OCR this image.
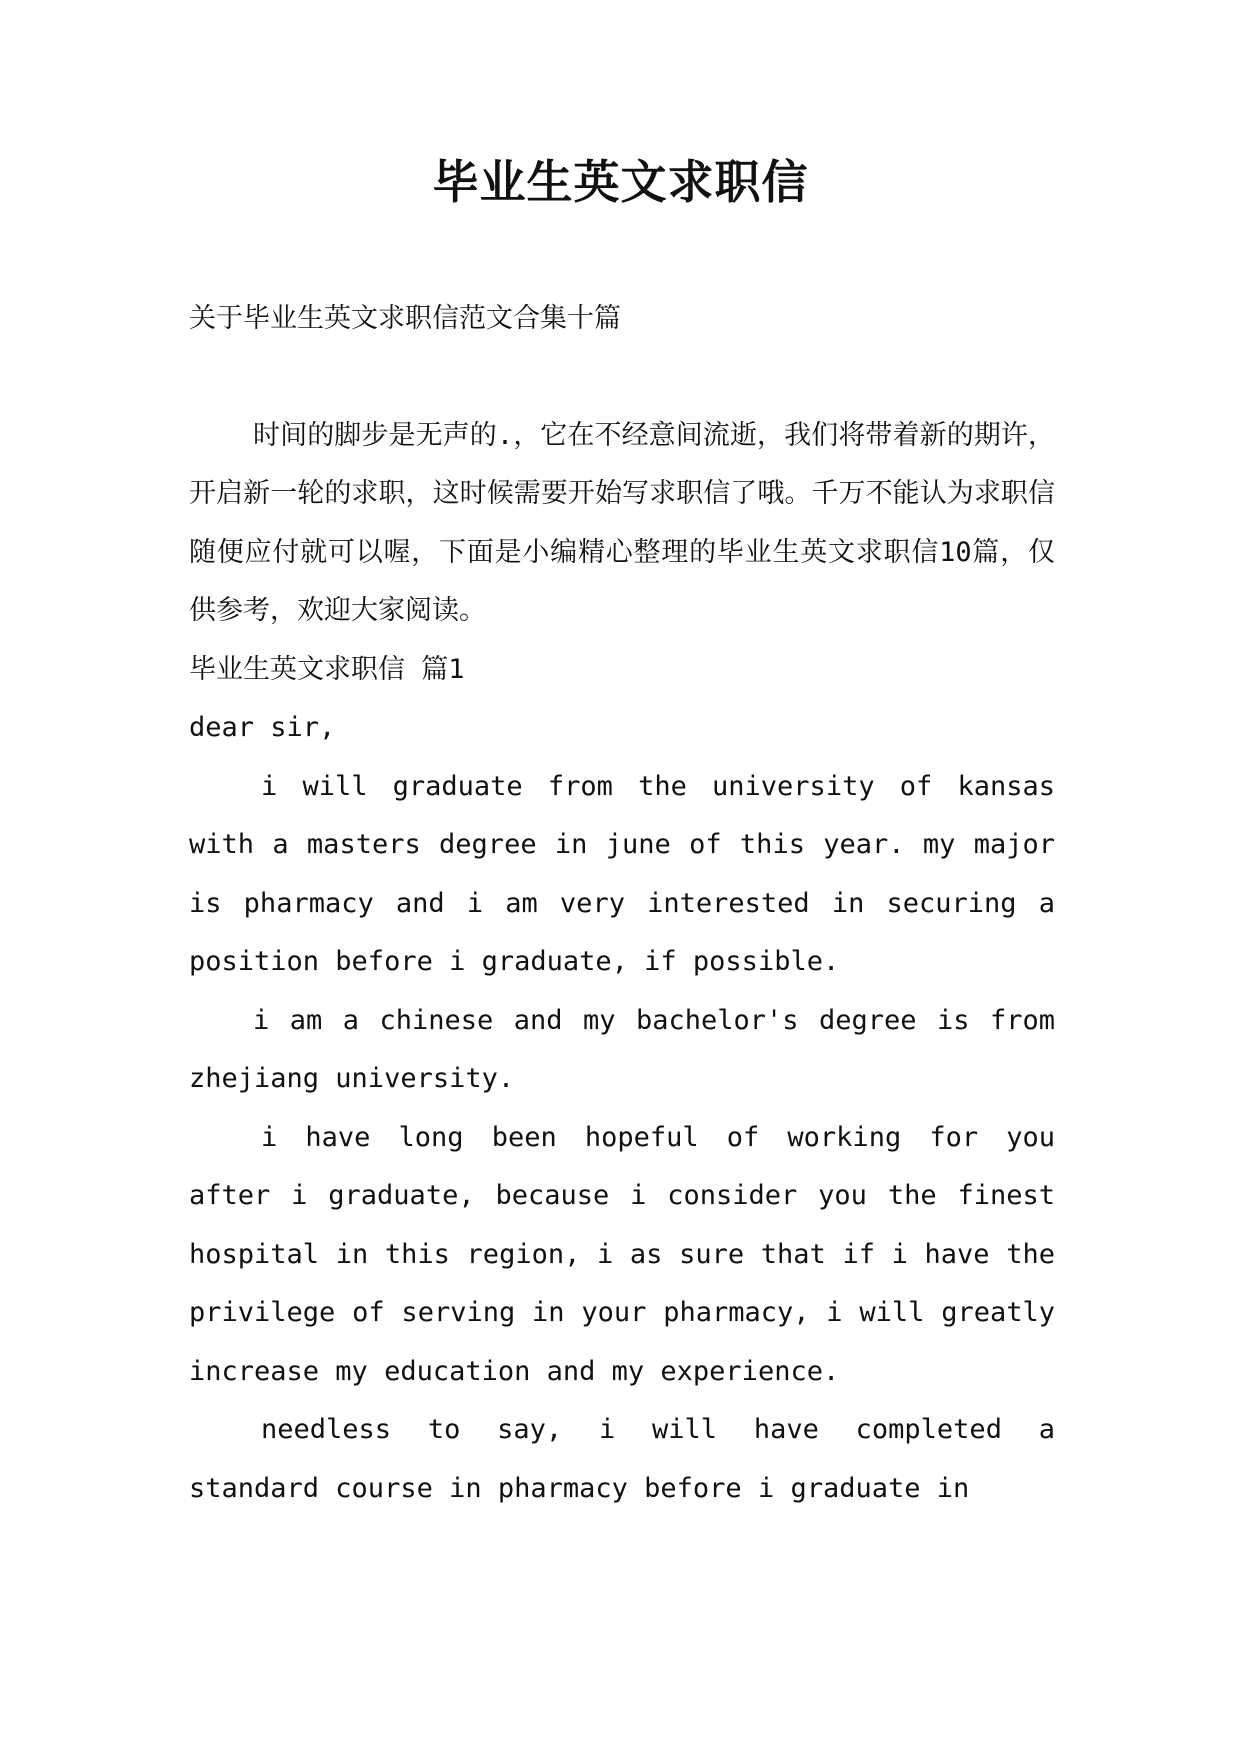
毕业生英文求职信

关于毕业生英文求职信范文合集十篇

时间的脚步是无声的.，它在不经意间流逝，我们将带着新的期许，开启新一轮的求职，这时候需要开始写求职信了哦。千万不能认为求职信随便应付就可以喔，下面是小编精心整理的毕业生英文求职信10篇，仅供参考，欢迎大家阅读。

毕业生英文求职信 篇1

dear sir,

i will graduate from the university of kansas with a masters degree in june of this year. my major is pharmacy and i am very interested in securing a position before i graduate, if possible.

i am a chinese and my bachelor's degree is from zhejiang university.

i have long been hopeful of working for you after i graduate, because i consider you the finest hospital in this region, i as sure that if i have the privilege of serving in your pharmacy, i will greatly increase my education and my experience.

needless to say, i will have completed a standard course in pharmacy before i graduate in
